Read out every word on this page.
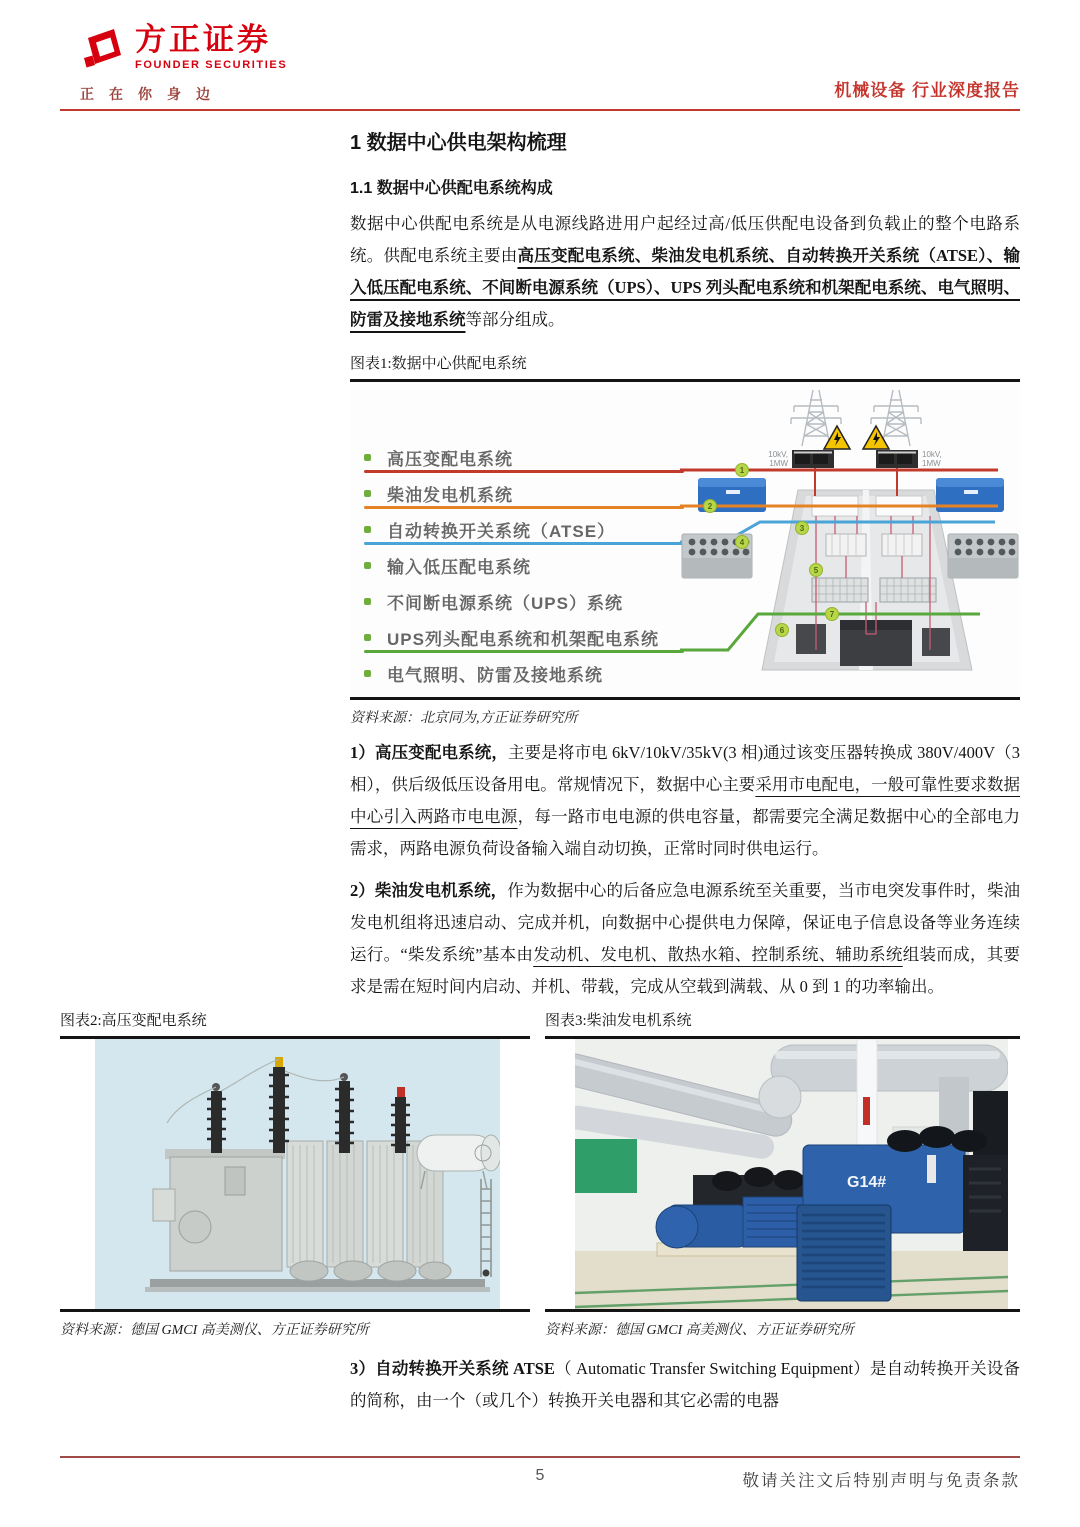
方正证券
FOUNDER SECURITIES
正在你身边	机械设备 行业深度报告
1 数据中心供电架构梳理
1.1 数据中心供配电系统构成

数据中心供配电系统是从电源线路进用户起经过高/低压供配电设备到负载止的整个电路系统。供配电系统主要由高压变配电系统、柴油发电机系统、自动转换开关系统（ATSE）、输入低压配电系统、不间断电源系统（UPS）、UPS 列头配电系统和机架配电系统、电气照明、防雷及接地系统等部分组成。

图表1:数据中心供配电系统
高压变配电系统
柴油发电机系统
自动转换开关系统（ATSE）
输入低压配电系统
不间断电源系统（UPS）系统
UPS列头配电系统和机架配电系统
电气照明、防雷及接地系统
10kV,
1MW
10kV,
1MW
1
2
3
4
5
6
7
资料来源：北京同为,方正证券研究所

1）高压变配电系统，主要是将市电 6kV/10kV/35kV(3 相)通过该变压器转换成 380V/400V（3 相），供后级低压设备用电。常规情况下，数据中心主要采用市电配电，一般可靠性要求数据中心引入两路市电电源，每一路市电电源的供电容量，都需要完全满足数据中心的全部电力需求，两路电源负荷设备输入端自动切换，正常时同时供电运行。

2）柴油发电机系统，作为数据中心的后备应急电源系统至关重要，当市电突发事件时，柴油发电机组将迅速启动、完成并机，向数据中心提供电力保障，保证电子信息设备等业务连续运行。“柴发系统”基本由发动机、发电机、散热水箱、控制系统、辅助系统组装而成，其要求是需在短时间内启动、并机、带载，完成从空载到满载、从 0 到 1 的功率输出。

图表2:高压变配电系统
资料来源：德国 GMCI 高美测仪、方正证券研究所
图表3:柴油发电机系统
G14#
资料来源：德国 GMCI 高美测仪、方正证券研究所

3）自动转换开关系统 ATSE（ Automatic Transfer Switching Equipment）是自动转换开关设备的简称，由一个（或几个）转换开关电器和其它必需的电器

5	敬请关注文后特别声明与免责条款
